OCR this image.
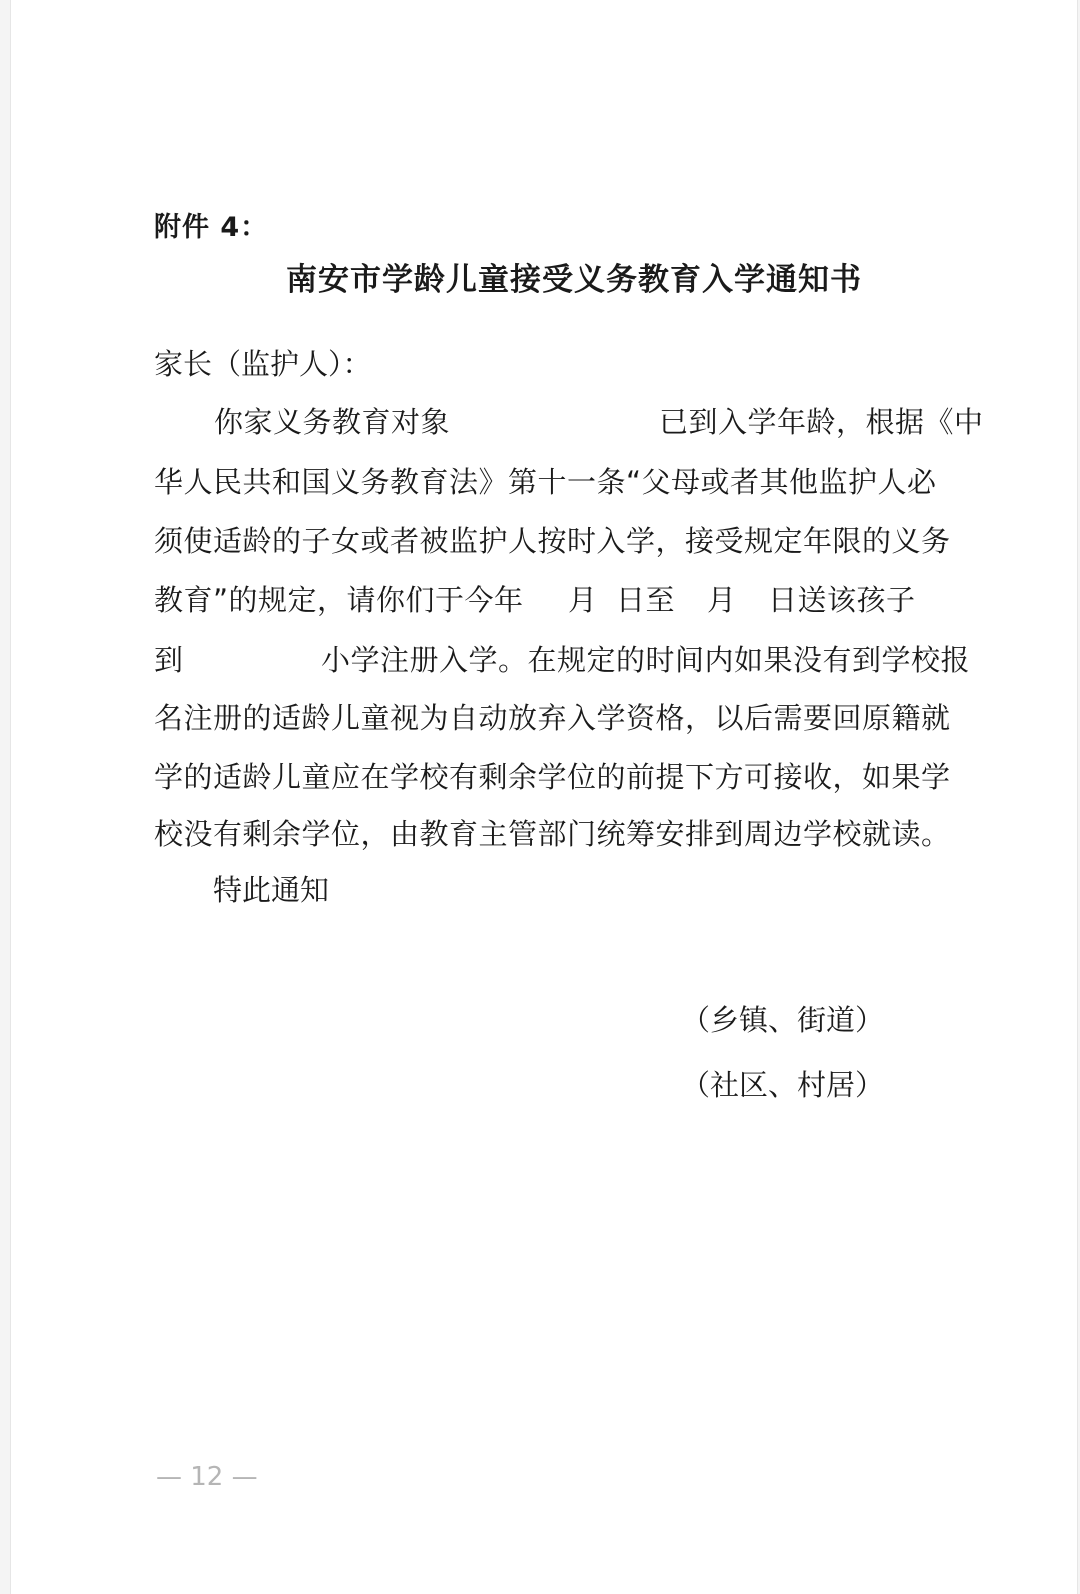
附件 4：
南安市学龄儿童接受义务教育入学通知书
家长（监护人）：
你家义务教育对象	已到入学年龄，根据《中
华人民共和国义务教育法》第十一条“父母或者其他监护人必
须使适龄的子女或者被监护人按时入学，接受规定年限的义务
教育”的规定，请你们于今年 月 日至 月 日送该孩子
到	小学注册入学。在规定的时间内如果没有到学校报
名注册的适龄儿童视为自动放弃入学资格，以后需要回原籍就
学的适龄儿童应在学校有剩余学位的前提下方可接收，如果学
校没有剩余学位，由教育主管部门统筹安排到周边学校就读。
特此通知
（乡镇、街道）
（社区、村居）
— 12 —
